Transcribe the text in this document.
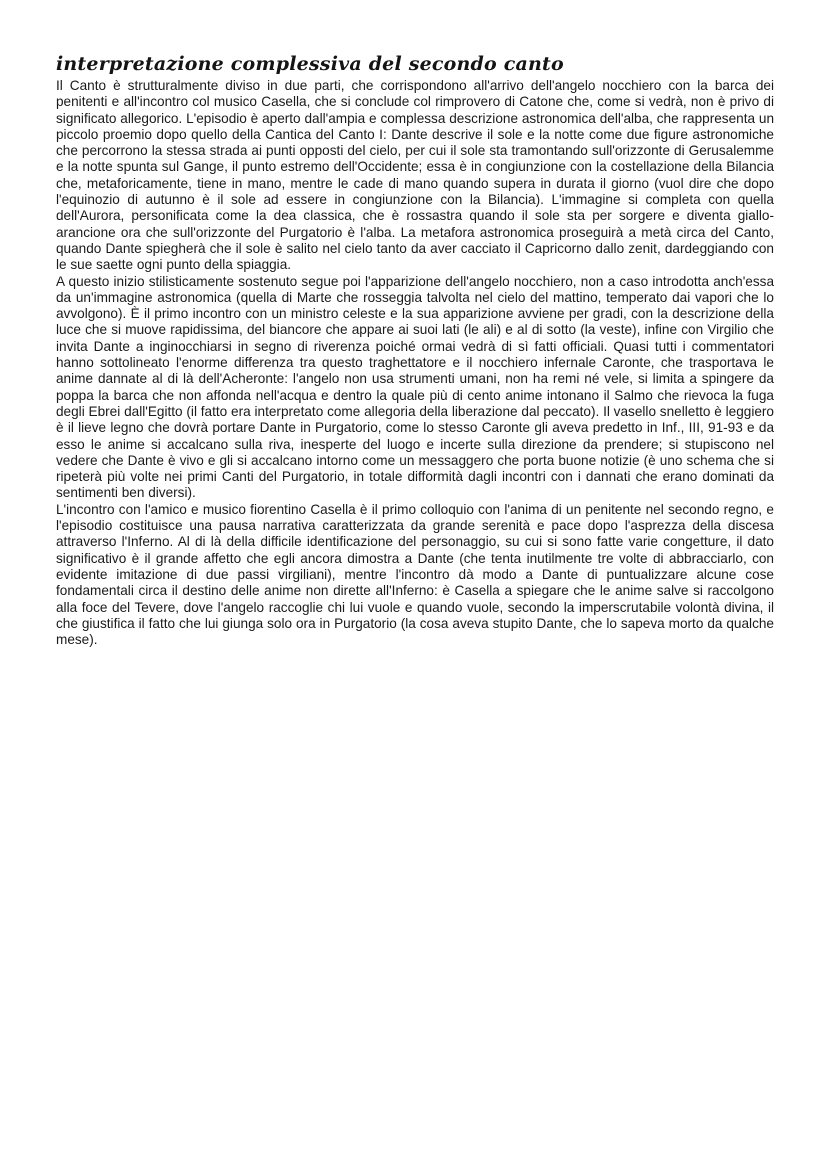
interpretazione complessiva del secondo canto

Il Canto è strutturalmente diviso in due parti, che corrispondono all'arrivo dell'angelo nocchiero con la barca dei penitenti e all'incontro col musico Casella, che si conclude col rimprovero di Catone che, come si vedrà, non è privo di significato allegorico. L'episodio è aperto dall'ampia e complessa descrizione astronomica dell'alba, che rappresenta un piccolo proemio dopo quello della Cantica del Canto I: Dante descrive il sole e la notte come due figure astronomiche che percorrono la stessa strada ai punti opposti del cielo, per cui il sole sta tramontando sull'orizzonte di Gerusalemme e la notte spunta sul Gange, il punto estremo dell'Occidente; essa è in congiunzione con la costellazione della Bilancia che, metaforicamente, tiene in mano, mentre le cade di mano quando supera in durata il giorno (vuol dire che dopo l'equinozio di autunno è il sole ad essere in congiunzione con la Bilancia). L'immagine si completa con quella dell'Aurora, personificata come la dea classica, che è rossastra quando il sole sta per sorgere e diventa giallo-arancione ora che sull'orizzonte del Purgatorio è l'alba. La metafora astronomica proseguirà a metà circa del Canto, quando Dante spiegherà che il sole è salito nel cielo tanto da aver cacciato il Capricorno dallo zenit, dardeggiando con le sue saette ogni punto della spiaggia.

A questo inizio stilisticamente sostenuto segue poi l'apparizione dell'angelo nocchiero, non a caso introdotta anch'essa da un'immagine astronomica (quella di Marte che rosseggia talvolta nel cielo del mattino, temperato dai vapori che lo avvolgono). È il primo incontro con un ministro celeste e la sua apparizione avviene per gradi, con la descrizione della luce che si muove rapidissima, del biancore che appare ai suoi lati (le ali) e al di sotto (la veste), infine con Virgilio che invita Dante a inginocchiarsi in segno di riverenza poiché ormai vedrà di sì fatti officiali. Quasi tutti i commentatori hanno sottolineato l'enorme differenza tra questo traghettatore e il nocchiero infernale Caronte, che trasportava le anime dannate al di là dell'Acheronte: l'angelo non usa strumenti umani, non ha remi né vele, si limita a spingere da poppa la barca che non affonda nell'acqua e dentro la quale più di cento anime intonano il Salmo che rievoca la fuga degli Ebrei dall'Egitto (il fatto era interpretato come allegoria della liberazione dal peccato). Il vasello snelletto è leggiero è il lieve legno che dovrà portare Dante in Purgatorio, come lo stesso Caronte gli aveva predetto in Inf., III, 91-93 e da esso le anime si accalcano sulla riva, inesperte del luogo e incerte sulla direzione da prendere; si stupiscono nel vedere che Dante è vivo e gli si accalcano intorno come un messaggero che porta buone notizie (è uno schema che si ripeterà più volte nei primi Canti del Purgatorio, in totale difformità dagli incontri con i dannati che erano dominati da sentimenti ben diversi).

L'incontro con l'amico e musico fiorentino Casella è il primo colloquio con l'anima di un penitente nel secondo regno, e l'episodio costituisce una pausa narrativa caratterizzata da grande serenità e pace dopo l'asprezza della discesa attraverso l'Inferno. Al di là della difficile identificazione del personaggio, su cui si sono fatte varie congetture, il dato significativo è il grande affetto che egli ancora dimostra a Dante (che tenta inutilmente tre volte di abbracciarlo, con evidente imitazione di due passi virgiliani), mentre l'incontro dà modo a Dante di puntualizzare alcune cose fondamentali circa il destino delle anime non dirette all'Inferno: è Casella a spiegare che le anime salve si raccolgono alla foce del Tevere, dove l'angelo raccoglie chi lui vuole e quando vuole, secondo la imperscrutabile volontà divina, il che giustifica il fatto che lui giunga solo ora in Purgatorio (la cosa aveva stupito Dante, che lo sapeva morto da qualche mese).
